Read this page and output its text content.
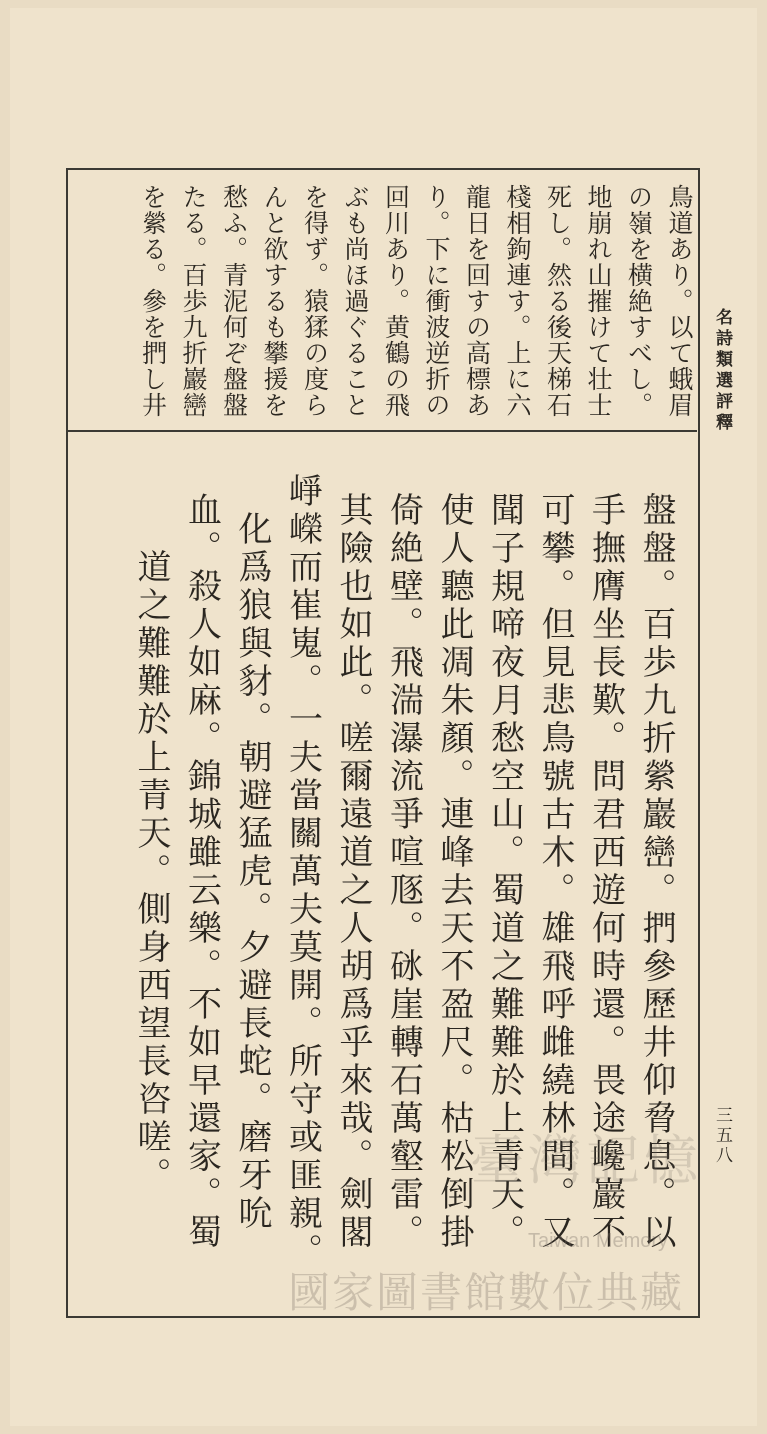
名詩類選評釋
三五八
鳥道あり。以て蛾眉
の嶺を横絶すべし。
地崩れ山摧けて壮士
死し。然る後天梯石
棧相鉤連す。上に六
龍日を回すの高標あ
り。下に衝波逆折の
回川あり。黄鶴の飛
ぶも尚ほ過ぐること
を得ず。猿猱の度ら
んと欲するも攀援を
愁ふ。青泥何ぞ盤盤
たる。百歩九折巖巒
を縈る。參を捫し井
盤盤。百歩九折縈巖巒。捫參歷井仰脅息。以
手撫膺坐長歎。問君西遊何時還。畏途巉巖不
可攀。但見悲鳥號古木。雄飛呼雌繞林間。又
聞子規啼夜月愁空山。蜀道之難難於上青天。
使人聽此凋朱顏。連峰去天不盈尺。枯松倒掛
倚絶壁。飛湍瀑流爭喧豗。砯崖轉石萬壑雷。
其險也如此。嗟爾遠道之人胡爲乎來哉。劍閣
崢嶸而崔嵬。一夫當關萬夫莫開。所守或匪親。
化爲狼與豺。朝避猛虎。夕避長蛇。磨牙吮
血。殺人如麻。錦城雖云樂。不如早還家。蜀
道之難難於上青天。側身西望長咨嗟。	臺灣記憶
Taiwan Memory
國家圖書館數位典藏
